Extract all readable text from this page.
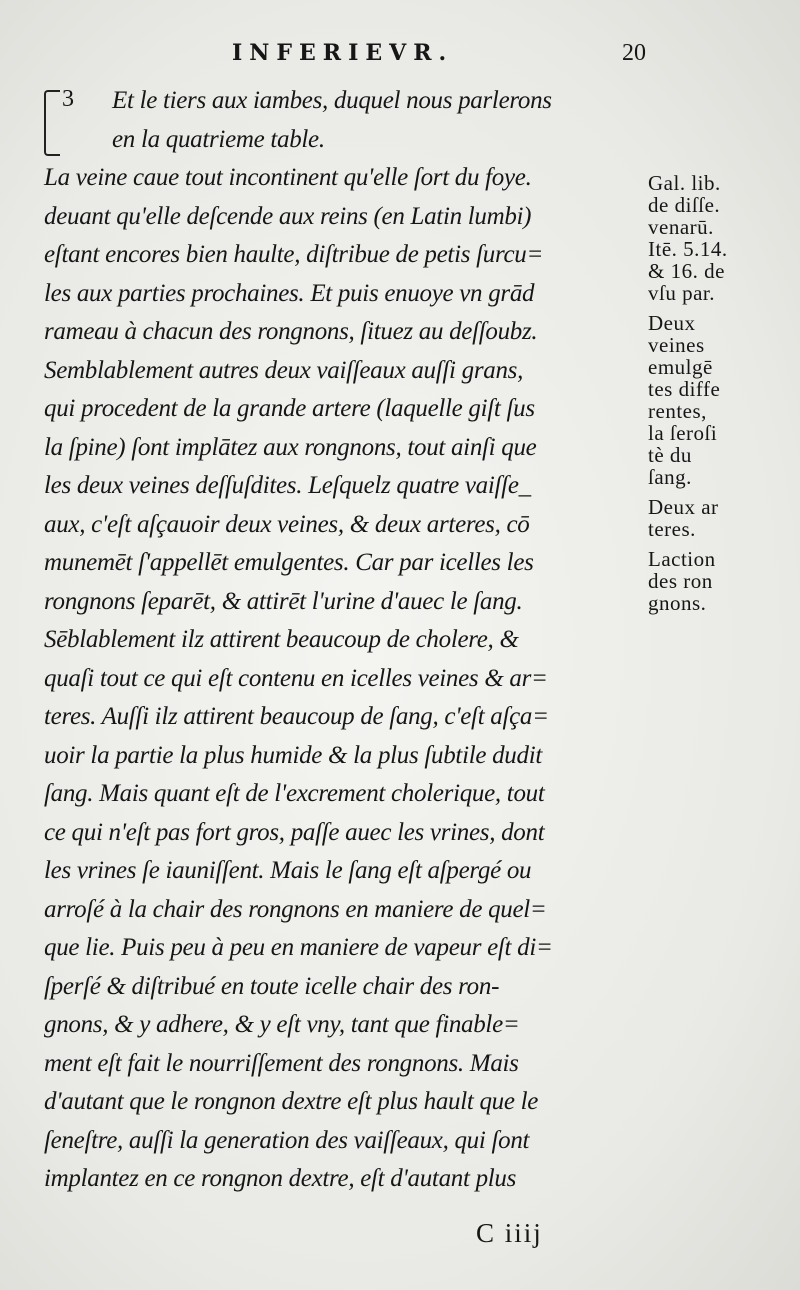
INFERIEVR.	20
3	Et le tiers aux iambes, duquel nous parlerons
en la quatrieme table.
La veine caue tout incontinent qu'elle ſort du foye.
deuant qu'elle deſcende aux reins (en Latin lumbi)
eſtant encores bien haulte, diſtribue de petis ſurcu=
les aux parties prochaines. Et puis enuoye vn grād
rameau à chacun des rongnons, ſituez au deſſoubz.
Semblablement autres deux vaiſſeaux auſſi grans,
qui procedent de la grande artere (laquelle giſt ſus
la ſpine) ſont implātez aux rongnons, tout ainſi que
les deux veines deſſuſdites. Leſquelz quatre vaiſſe_
aux, c'eſt aſçauoir deux veines, & deux arteres, cō
munemēt ſ'appellēt emulgentes. Car par icelles les
rongnons ſeparēt, & attirēt l'urine d'auec le ſang.
Sēblablement ilz attirent beaucoup de cholere, &
quaſi tout ce qui eſt contenu en icelles veines & ar=
teres. Auſſi ilz attirent beaucoup de ſang, c'eſt aſça=
uoir la partie la plus humide & la plus ſubtile dudit
ſang. Mais quant eſt de l'excrement cholerique, tout
ce qui n'eſt pas fort gros, paſſe auec les vrines, dont
les vrines ſe iauniſſent. Mais le ſang eſt aſpergé ou
arroſé à la chair des rongnons en maniere de quel=
que lie. Puis peu à peu en maniere de vapeur eſt di=
ſperſé & diſtribué en toute icelle chair des ron-
gnons, & y adhere, & y eſt vny, tant que finable=
ment eſt fait le nourriſſement des rongnons. Mais
d'autant que le rongnon dextre eſt plus hault que le
ſeneſtre, auſſi la generation des vaiſſeaux, qui ſont
implantez en ce rongnon dextre, eſt d'autant plus
Gal. lib.
de diſſe.
venarū.
Itē. 5.14.
& 16. de
vſu par.
Deux
veines
emulgē
tes diffe
rentes,
la ſeroſi
tè du
ſang.
Deux ar
teres.
Laction
des ron
gnons.
C iiij
